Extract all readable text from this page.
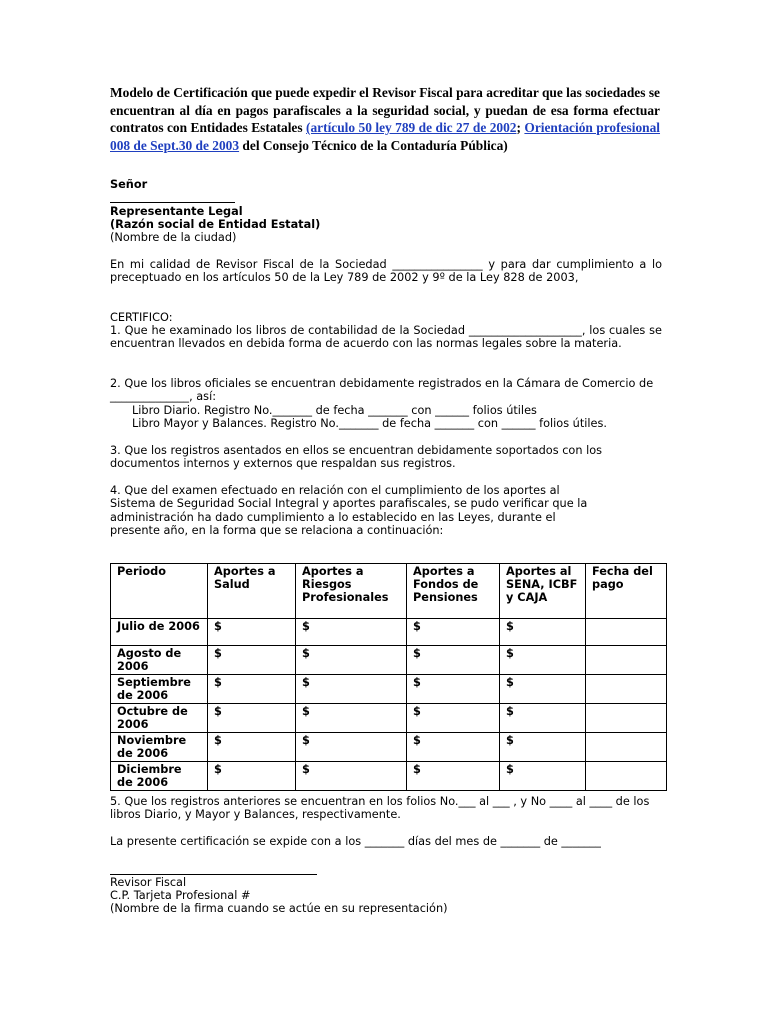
Modelo de Certificación que puede expedir el Revisor Fiscal para acreditar que las sociedades se encuentran al día en pagos parafiscales a la seguridad social, y puedan de esa forma efectuar contratos con Entidades Estatales (artículo 50 ley 789 de dic 27 de 2002; Orientación profesional 008 de Sept.30 de 2003 del Consejo Técnico de la Contaduría Pública)
Señor
Representante Legal
(Razón social de Entidad Estatal)
(Nombre de la ciudad)
En mi calidad de Revisor Fiscal de la Sociedad ________________ y para dar cumplimiento a lo preceptuado en los artículos 50 de la Ley 789 de 2002 y 9º de la Ley 828 de 2003,
CERTIFICO:
1. Que he examinado los libros de contabilidad de la Sociedad ____________________, los cuales se encuentran llevados en debida forma de acuerdo con las normas legales sobre la materia.
2. Que los libros oficiales se encuentran debidamente registrados en la Cámara de Comercio de ______________, así:
Libro Diario. Registro No._______ de fecha _______ con ______ folios útiles
Libro Mayor y Balances. Registro No._______ de fecha _______ con ______ folios útiles.
3. Que los registros asentados en ellos se encuentran debidamente soportados con los documentos internos y externos que respaldan sus registros.
4. Que del examen efectuado en relación con el cumplimiento de los aportes al Sistema de Seguridad Social Integral y aportes parafiscales, se pudo verificar que la administración ha dado cumplimiento a lo establecido en las Leyes, durante el presente año, en la forma que se relaciona a continuación:
Periodo	Aportes a Salud	Aportes a Riesgos Profesionales	Aportes a Fondos de Pensiones	Aportes al SENA, ICBF y CAJA	Fecha del pago
Julio de 2006	$	$	$	$	
Agosto de 2006	$	$	$	$	
Septiembre de 2006	$	$	$	$	
Octubre de 2006	$	$	$	$	
Noviembre de 2006	$	$	$	$	
Diciembre de 2006	$	$	$	$	
5. Que los registros anteriores se encuentran en los folios No.___ al ___ , y No ____ al ____ de los libros Diario, y Mayor y Balances, respectivamente.
La presente certificación se expide con a los _______ días del mes de _______ de _______
Revisor Fiscal
C.P. Tarjeta Profesional #
(Nombre de la firma cuando se actúe en su representación)
